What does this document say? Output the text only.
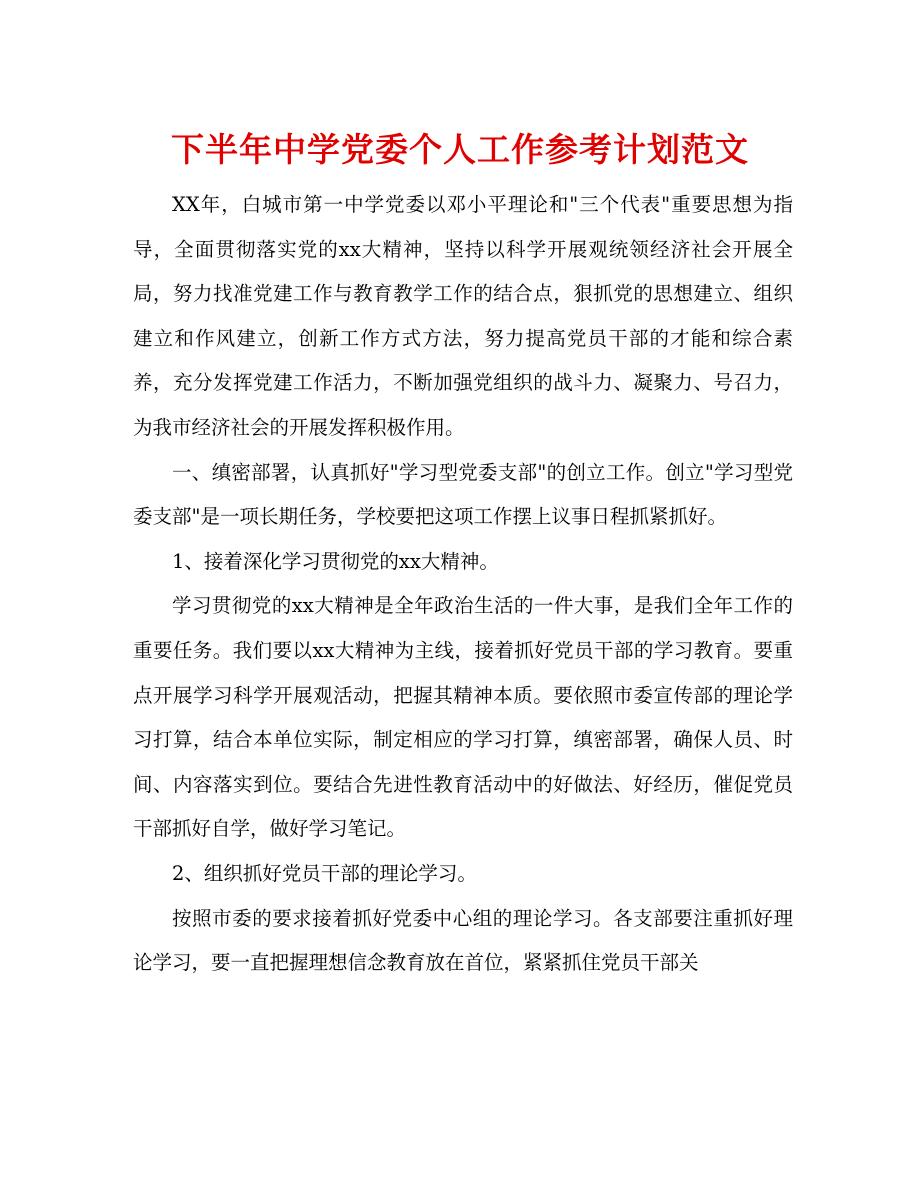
下半年中学党委个人工作参考计划范文

XX年，白城市第一中学党委以邓小平理论和"三个代表"重要思想为指导，全面贯彻落实党的xx大精神，坚持以科学开展观统领经济社会开展全局，努力找准党建工作与教育教学工作的结合点，狠抓党的思想建立、组织建立和作风建立，创新工作方式方法，努力提高党员干部的才能和综合素养，充分发挥党建工作活力，不断加强党组织的战斗力、凝聚力、号召力，为我市经济社会的开展发挥积极作用。

一、缜密部署，认真抓好"学习型党委支部"的创立工作。创立"学习型党委支部"是一项长期任务，学校要把这项工作摆上议事日程抓紧抓好。

1、接着深化学习贯彻党的xx大精神。

学习贯彻党的xx大精神是全年政治生活的一件大事，是我们全年工作的重要任务。我们要以xx大精神为主线，接着抓好党员干部的学习教育。要重点开展学习科学开展观活动，把握其精神本质。要依照市委宣传部的理论学习打算，结合本单位实际，制定相应的学习打算，缜密部署，确保人员、时间、内容落实到位。要结合先进性教育活动中的好做法、好经历，催促党员干部抓好自学，做好学习笔记。

2、组织抓好党员干部的理论学习。

按照市委的要求接着抓好党委中心组的理论学习。各支部要注重抓好理论学习，要一直把握理想信念教育放在首位，紧紧抓住党员干部关
